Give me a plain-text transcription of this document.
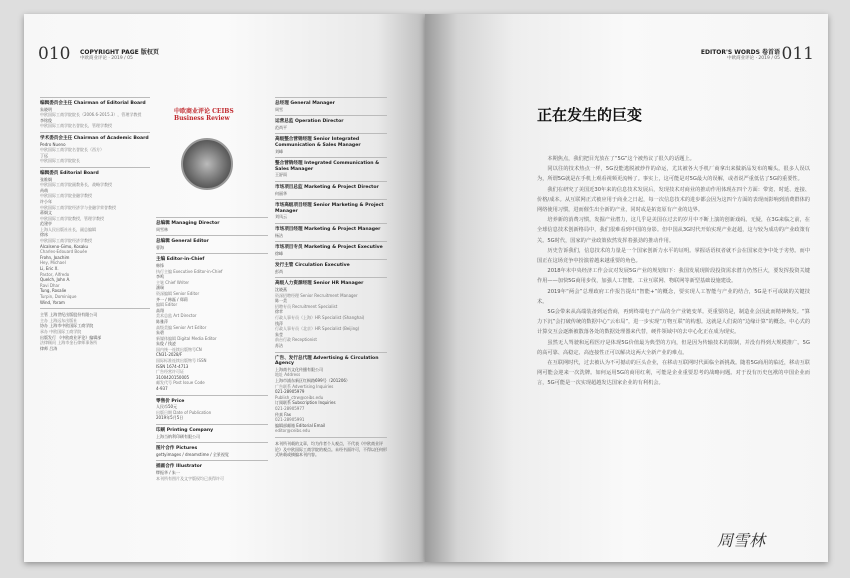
010 COPYRIGHT PAGE 版权页
中欧商业评论 · 2019 / 05
编辑委员会主任 Chairman of Editorial Board
朱晓明
中欧国际工商学院院长（2006.6-2015.3），管理学教授
李铭俊
中欧国际工商学院名誉院长，管理学教授
学术委员会主任 Chairman of Academic Board
Pedro Nueno
中欧国际工商学院名誉院长（西方）
丁远
中欧国际工商学院院长
编辑委员 Editorial Board
张维炯
中欧国际工商学院副教务长，战略学教授
芮萌
中欧国际工商学院金融学教授
许小年
中欧国际工商学院经济学与金融学荣誉教授
蒋炯文
中欧国际工商学院教授，管理学教授
范建亭
上海人民出版社社长，副总编辑
徐冰
中欧国际工商学院经济学教授
Alcalseno-Gimo, Kosaku
Charles-Edouard Bouée
Frohn, Joachim
Hey, Michael
Li, Eric X.
Pastor, Alfredo
Quelch, John A.
Ravi Dhar
Tung, Rosalie
Turpin, Dominique
Wind, Yoram
主管 上海世纪出版股份有限公司
主办 上海远东出版社
协办 上海市中欧国际工商学院
承办 中欧国际工商学院
出版发行 《中欧商业评论》编辑部
法律顾问 上海市金石律师事务所
律师 吕涛
中欧商业评论 CEIBS Business Review
总编辑 Managing Director
周雪林
总编辑 General Editor
曹海
主编 Editor-in-Chief
韩锋
执行主编 Executive Editor-in-Chief
李鸣
主笔 Chief Writer
潘瑞
资深编辑 Senior Editor
齐一 / 韩磊 / 郑莉
编辑 Editor
高翔
美术总监 Art Director
陈雅萍
高级美编 Senior Art Editor
朱碧
新媒体编辑 Digital Media Editor
朱俊 / 钱凌
国内统一连续出版物号CN
CN31-2028/F
国际标准连续出版物号 ISSN
ISSN 1674-4713
广告经营许可证
3100420150005
邮发代号 Post Issue Code
4-937
零售价 Price
人民币50元
出版日期 Date of Publication
2019年5月5日
印刷 Printing Company
上海当纳利印刷有限公司
图片合作 Pictures
gettyimages / dreamstime / 全景视觉
插画合作 Illustrator
缪振华 / 朱一
本刊所有图片及文字版权均已获得许可
总经理 General Manager
周雪
运营总监 Operation Director
范尚平
高级整合营销经理 Senior Integrated Communication & Sales Manager
刘峰
整合营销经理 Integrated Communication & Sales Manager
王舒雨
市场项目总监 Marketing & Project Director
何丽华
市场高级项目经理 Senior Marketing & Project Manager
刘凤云
市场项目经理 Marketing & Project Manager
杨洁
市场项目专员 Marketing & Project Executive
徐峰
发行主管 Circulation Executive
彭尚
高级人力资源经理 Senior HR Manager
沈晓燕
资深招聘经理 Senior Recruitment Manager
陈一美
招聘专员 Recruitment Specialist
徐苹
行政人事专员（上海）HR Specialist (Shanghai)
钱萍
行政人事专员（北京）HR Specialist (Beijing)
朱莹
前台行政 Receptionist
苏洁
广告、发行总代理 Advertising & Circulation Agency
上海商书文化传播有限公司
地址 Address
上海市浦东新区红枫路699号（201206）
广告联系 Advertising Inquiries
021-28905979
Publish_ctrw@ceibs.edu
订阅联系 Subscription Inquiries
021-28905977
传真 Fax
021-28905991
编辑部邮箱 Editorial Email
editor@ceibs.edu
本刊所刊载的文章，均为作者个人观点，不代表《中欧商业评论》及中欧国际工商学院的观点。未经书面许可，不得以任何形式转载或摘编本刊内容。
EDITOR'S WORDS 卷首语
中欧商业评论 · 2019 / 05 011
正在发生的巨变

本期焦点，我们把目光放在了“5G”这个被热议了很久的话题上。

同以往的技术热点一样，5G没能逃脱被炒作的命运，尤其被各大手机厂商拿出来做新品发布的噱头。很多人误以为，所谓5G就是在手机上观看视频更流畅了。事实上，这可能是对5G最大的误解，或者说严重低估了5G的重要性。

我们在研究了美国近30年来的信息技术发展后，发现技术对商业的推动作用体现在四个方面：带宽、时延、连接、价格/成本。从互联网正式被应用于商业之日起，每一次信息技术的进步都会因为这四个方面的表现而影响到消费群体的网络使用习惯，进而催生出全新的产业，同时或是拓宽原有产业的边界。

培养新的消费习惯，发掘产业潜力，这几乎是美国在过去的岁月中不断上演的创新戏码。无疑，在3G来临之前，在全球信息技术创新格局中，我们很难看到中国的身影。但中国从3G时代开始实现产业赶超，这与较为成功的产业政策有关。5G时代，国家的产业政策依然发挥着强劲的推动作用。

历史告诉我们，信息技术的力量是一个国家创新力水平的证明。掌握话语权者就不会在国家竞争中处于劣势。而中国正在这场竞争中扮演着越来越重要的角色。

2018年末中央经济工作会议对发展5G产业的规划如下：我国发展现阶段投资需求潜力仍然巨大，要发挥投资关键作用——加快5G商用步伐，加强人工智能、工业互联网、物联网等新型基础设施建设。

2019年“两会”总理政府工作报告提出“智能+”的概念，要实现人工智能与产业的结合，5G是不可或缺的关键技术。

5G会带来从高端装备到运营商，再到终端电子产品的全产业链变革。更重要的是，制造业会因此而精神焕发。“算力下沉”会打破传统的数据中心“云布局”，进一步实现“万物互联”的构想。这就是人们说的“边缘计算”的概念。中心式的计算交互会逐渐被散落各处的数据处理器来代替，硬件领域中的去中心化正在成为现实。

虽然无人驾驶和远程医疗是体现5G价值最为典型的方向，但是因为传输技术的限制，并没有得到大规模推广。5G的高可靠、高稳定、高连接性正可以解决这两大全新产业的难点。

在互联网时代，过去被认为不可撼动的巨头企业，在移动互联网时代面临全新挑战。随着5G商用的临近，移动互联网可能会迎来一次洗牌。如何运用5G的商用红利，可能是企业重要思考的战略问题。对于没有历史包袱的中国企业而言，5G可能是一次实现超越发达国家企业的有利机会。

周雪林
